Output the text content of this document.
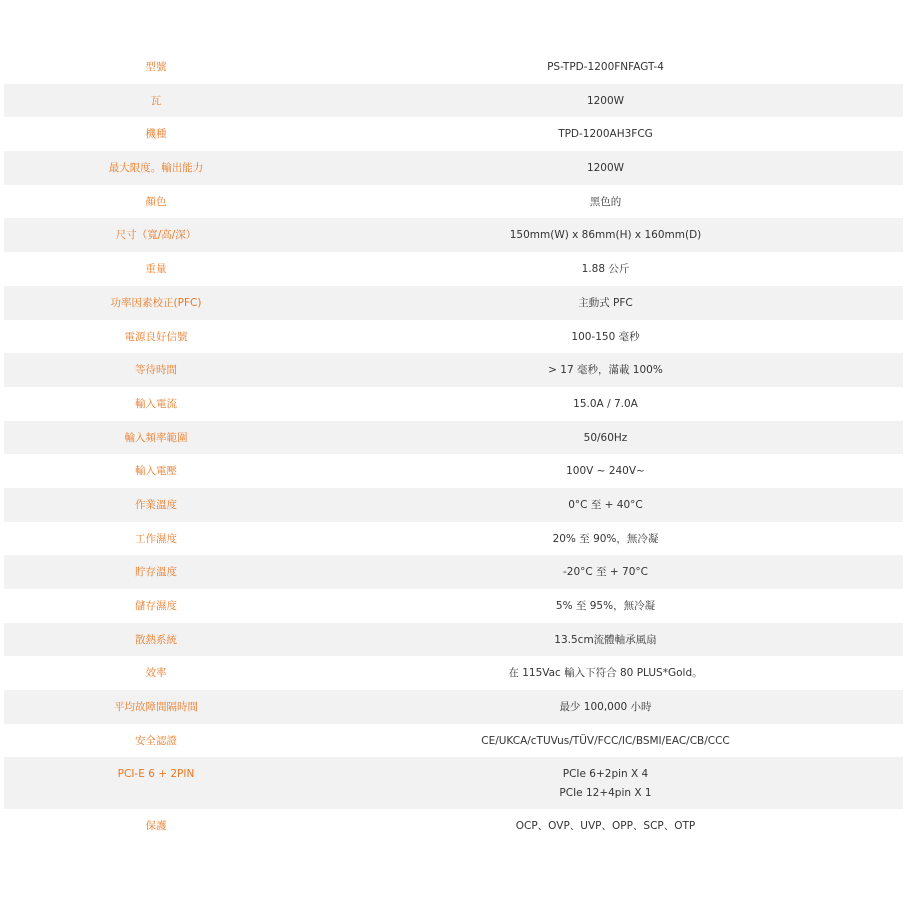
型號	PS-TPD-1200FNFAGT-4
瓦	1200W
機種	TPD-1200AH3FCG
最大限度。輸出能力	1200W
顏色	黑色的
尺寸（寬/高/深）	150mm(W) x 86mm(H) x 160mm(D)
重量	1.88 公斤
功率因素校正(PFC)	主動式 PFC
電源良好信號	100-150 毫秒
等待時間	> 17 毫秒，滿載 100%
輸入電流	15.0A / 7.0A
輸入頻率範圍	50/60Hz
輸入電壓	100V ~ 240V~
作業溫度	0°C 至 + 40°C
工作濕度	20% 至 90%，無冷凝
貯存溫度	-20°C 至 + 70°C
儲存濕度	5% 至 95%，無冷凝
散熱系統	13.5cm流體軸承風扇
效率	在 115Vac 輸入下符合 80 PLUS*Gold。
平均故障間隔時間	最少 100,000 小時
安全認證	CE/UKCA/cTUVus/TÜV/FCC/IC/BSMI/EAC/CB/CCC
PCI-E 6 + 2PIN	PCIe 6+2pin X 4
PCIe 12+4pin X 1
保護	OCP、OVP、UVP、OPP、SCP、OTP
